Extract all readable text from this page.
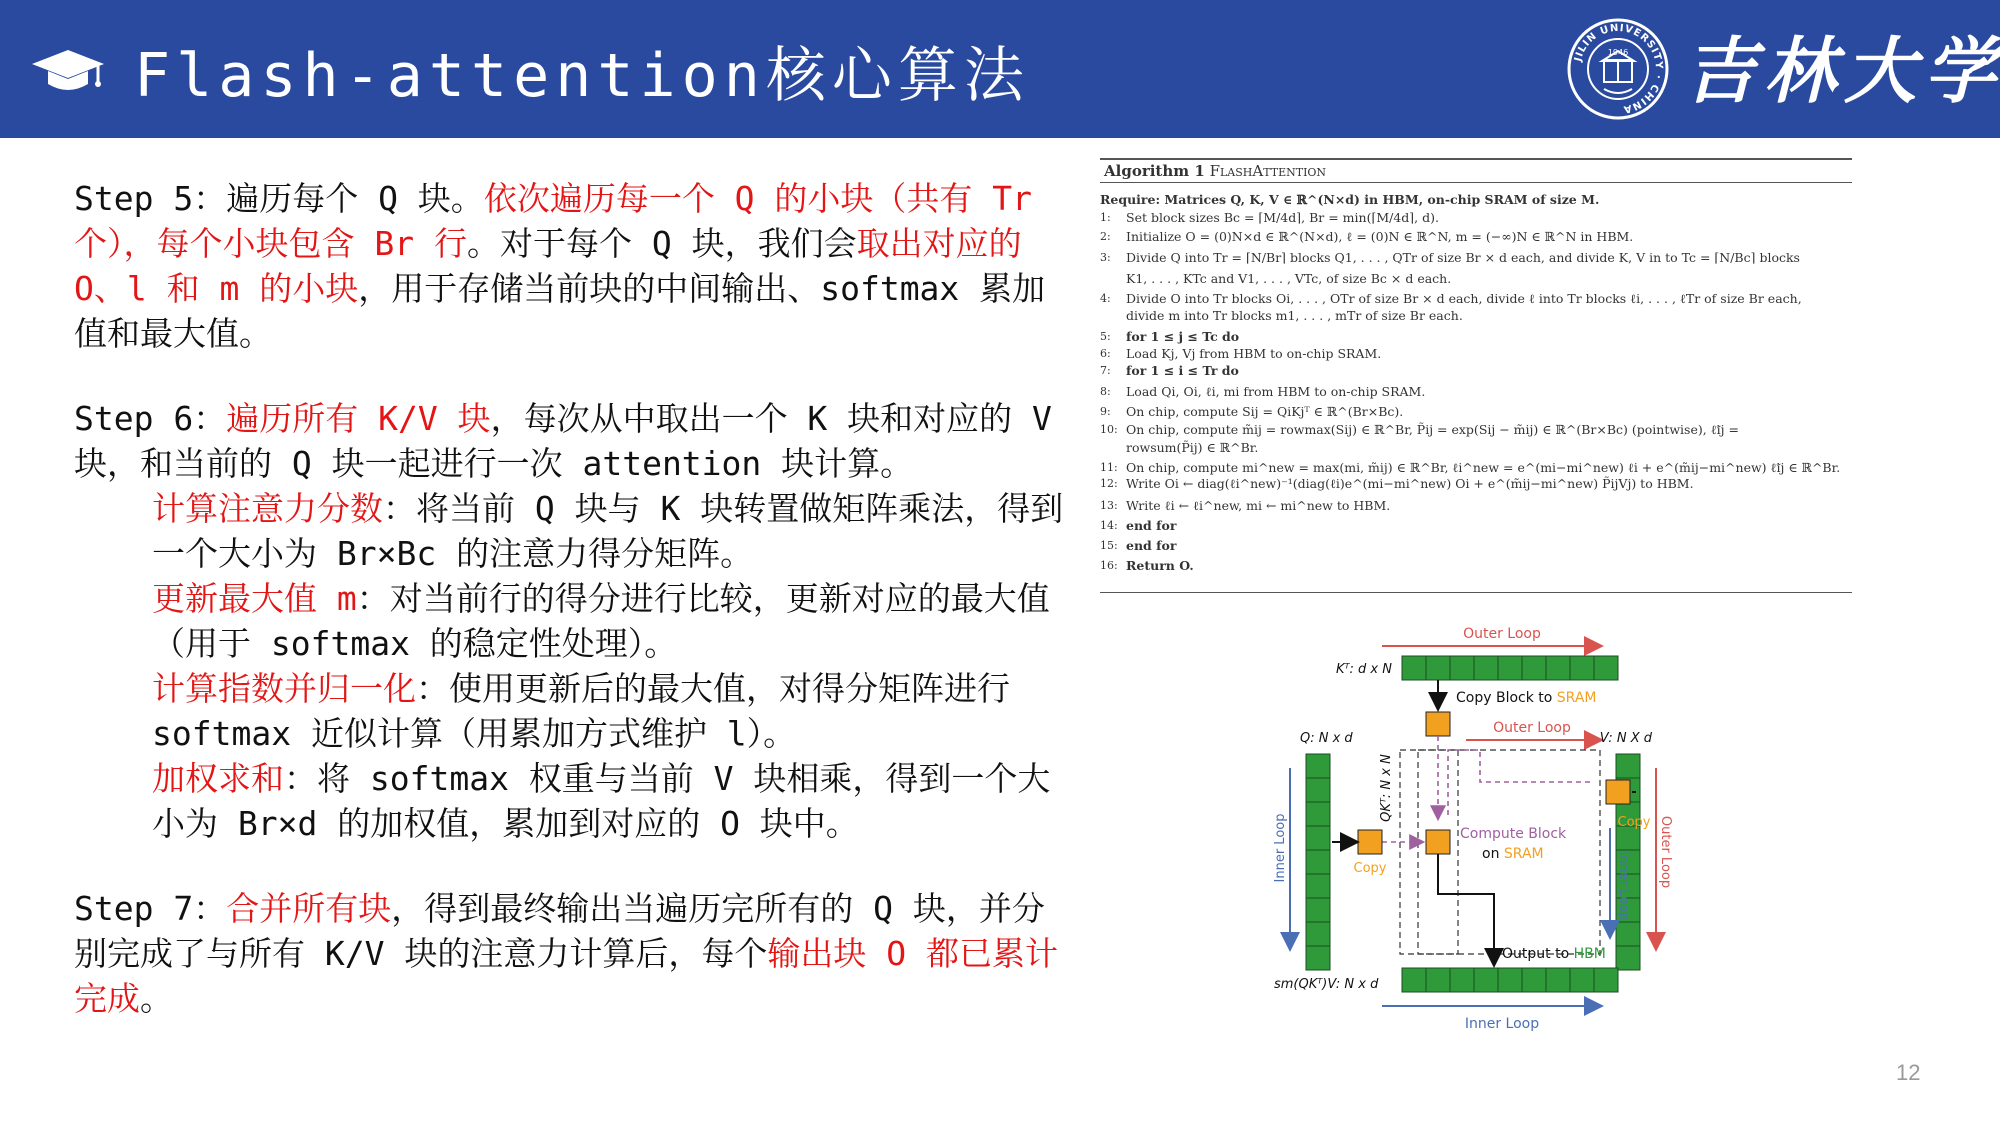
Flash-attention核心算法	JILIN UNIVERSITY · CHINA
1946 吉林大学

Step 5：遍历每个 Q 块。依次遍历每一个 Q 的小块（共有 Tr 个），每个小块包含 Br 行。对于每个 Q 块，我们会取出对应的 O、l 和 m 的小块，用于存储当前块的中间输出、softmax 累加值和最大值。

Step 6：遍历所有 K/V 块，每次从中取出一个 K 块和对应的 V 块，和当前的 Q 块一起进行一次 attention 块计算。

计算注意力分数：将当前 Q 块与 K 块转置做矩阵乘法，得到一个大小为 Br×Bc 的注意力得分矩阵。

更新最大值 m：对当前行的得分进行比较，更新对应的最大值（用于 softmax 的稳定性处理）。

计算指数并归一化：使用更新后的最大值，对得分矩阵进行 softmax 近似计算（用累加方式维护 l）。

加权求和：将 softmax 权重与当前 V 块相乘，得到一个大小为 Br×d 的加权值，累加到对应的 O 块中。

Step 7：合并所有块，得到最终输出当遍历完所有的 Q 块，并分别完成了与所有 K/V 块的注意力计算后，每个输出块 O 都已累计完成。

Algorithm 1 FlashAttention
Require: Matrices Q, K, V ∈ ℝ^(N×d) in HBM, on-chip SRAM of size M.
1:	Set block sizes Bc = ⌈M/4d⌉, Br = min(⌈M/4d⌉, d).
2:	Initialize O = (0)N×d ∈ ℝ^(N×d), ℓ = (0)N ∈ ℝ^N, m = (−∞)N ∈ ℝ^N in HBM.
3:	Divide Q into Tr = ⌈N/Br⌉ blocks Q1, . . . , QTr of size Br × d each, and divide K, V in to Tc = ⌈N/Bc⌉ blocks
K1, . . . , KTc and V1, . . . , VTc, of size Bc × d each.
4:	Divide O into Tr blocks Oi, . . . , OTr of size Br × d each, divide ℓ into Tr blocks ℓi, . . . , ℓTr of size Br each,
divide m into Tr blocks m1, . . . , mTr of size Br each.
5:	for 1 ≤ j ≤ Tc do
6:	Load Kj, Vj from HBM to on-chip SRAM.
7:	for 1 ≤ i ≤ Tr do
8:	Load Qi, Oi, ℓi, mi from HBM to on-chip SRAM.
9:	On chip, compute Sij = QiKjᵀ ∈ ℝ^(Br×Bc).
10: On chip, compute m̃ij = rowmax(Sij) ∈ ℝ^Br, P̃ij = exp(Sij − m̃ij) ∈ ℝ^(Br×Bc) (pointwise), ℓ̃ij =
rowsum(P̃ij) ∈ ℝ^Br.
11: On chip, compute mi^new = max(mi, m̃ij) ∈ ℝ^Br, ℓi^new = e^(mi−mi^new) ℓi + e^(m̃ij−mi^new) ℓ̃ij ∈ ℝ^Br.
12: Write Oi ← diag(ℓi^new)⁻¹(diag(ℓi)e^(mi−mi^new) Oi + e^(m̃ij−mi^new) P̃ijVj) to HBM.
13: Write ℓi ← ℓi^new, mi ← mi^new to HBM.
14: end for
15: end for
16: Return O.
Outer Loop
Kᵀ: d x N
Copy Block to SRAM
Outer Loop
Q: N x d	V: N X d
Inner Loop	Outer Loop
QKᵀ: N x N
Compute Block
on SRAM
Copy
Copy
Inner Loop
Output to HBM
sm(QKᵀ)V: N x d
Inner Loop
12
